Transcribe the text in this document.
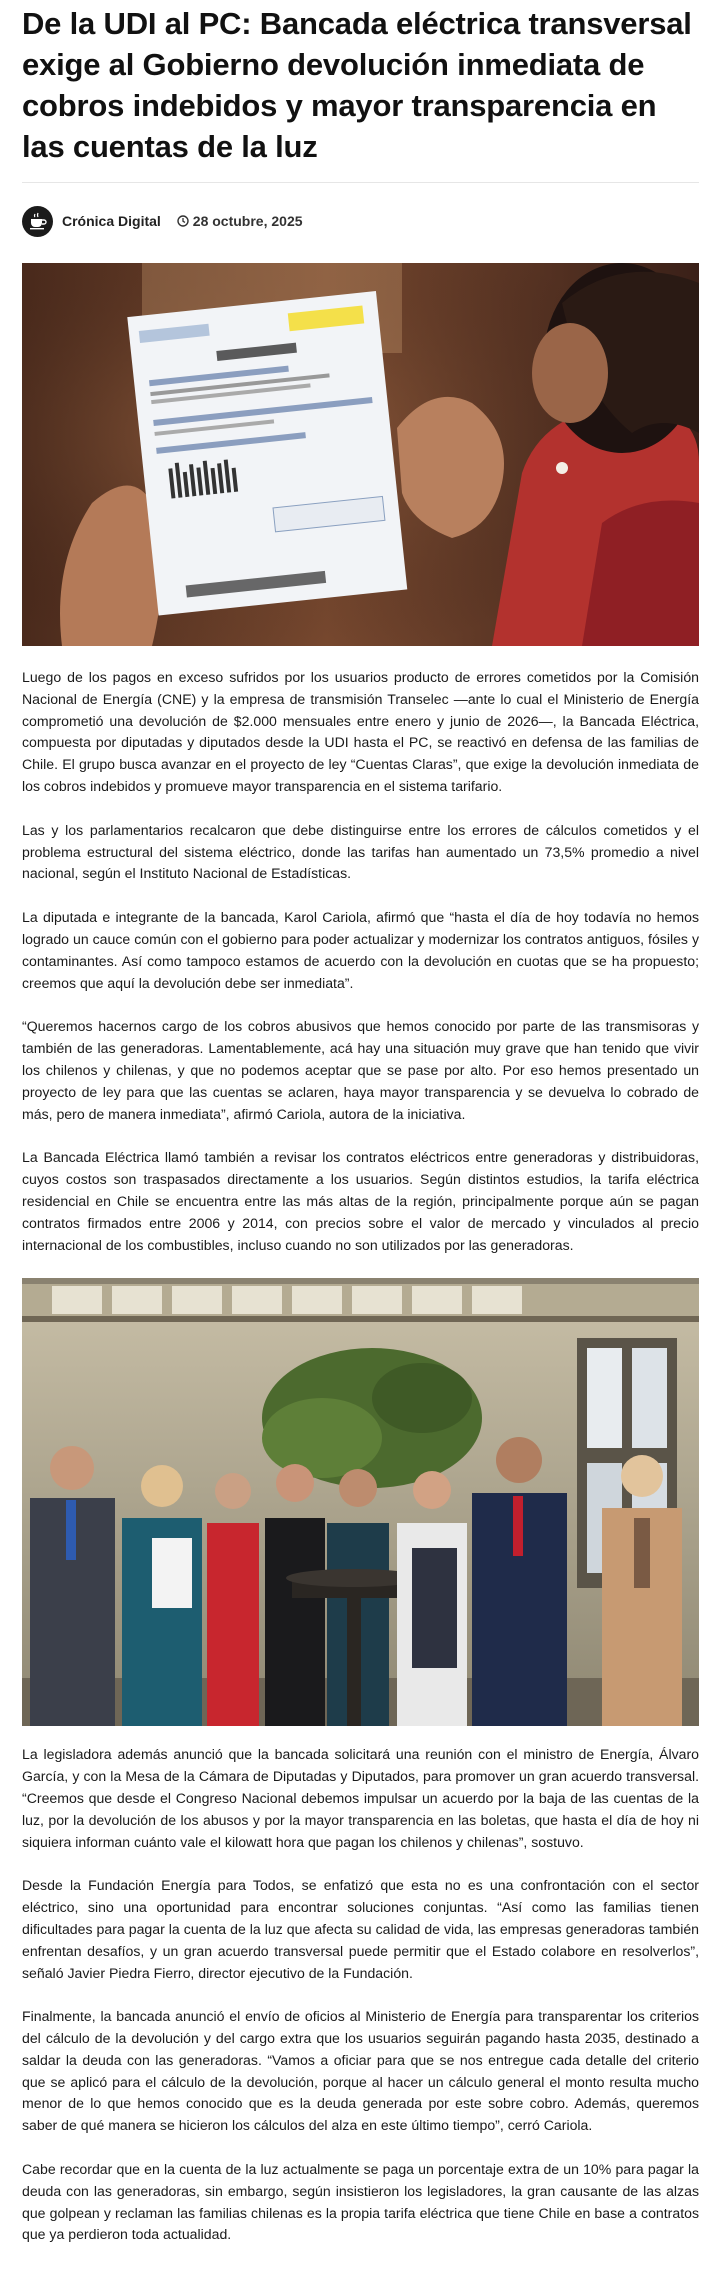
De la UDI al PC: Bancada eléctrica transversal exige al Gobierno devolución inmediata de cobros indebidos y mayor transparencia en las cuentas de la luz
Crónica Digital 28 octubre, 2025

Luego de los pagos en exceso sufridos por los usuarios producto de errores cometidos por la Comisión Nacional de Energía (CNE) y la empresa de transmisión Transelec —ante lo cual el Ministerio de Energía comprometió una devolución de $2.000 mensuales entre enero y junio de 2026—, la Bancada Eléctrica, compuesta por diputadas y diputados desde la UDI hasta el PC, se reactivó en defensa de las familias de Chile. El grupo busca avanzar en el proyecto de ley “Cuentas Claras”, que exige la devolución inmediata de los cobros indebidos y promueve mayor transparencia en el sistema tarifario.

Las y los parlamentarios recalcaron que debe distinguirse entre los errores de cálculos cometidos y el problema estructural del sistema eléctrico, donde las tarifas han aumentado un 73,5% promedio a nivel nacional, según el Instituto Nacional de Estadísticas.

La diputada e integrante de la bancada, Karol Cariola, afirmó que “hasta el día de hoy todavía no hemos logrado un cauce común con el gobierno para poder actualizar y modernizar los contratos antiguos, fósiles y contaminantes. Así como tampoco estamos de acuerdo con la devolución en cuotas que se ha propuesto; creemos que aquí la devolución debe ser inmediata”.

“Queremos hacernos cargo de los cobros abusivos que hemos conocido por parte de las transmisoras y también de las generadoras. Lamentablemente, acá hay una situación muy grave que han tenido que vivir los chilenos y chilenas, y que no podemos aceptar que se pase por alto. Por eso hemos presentado un proyecto de ley para que las cuentas se aclaren, haya mayor transparencia y se devuelva lo cobrado de más, pero de manera inmediata”, afirmó Cariola, autora de la iniciativa.

La Bancada Eléctrica llamó también a revisar los contratos eléctricos entre generadoras y distribuidoras, cuyos costos son traspasados directamente a los usuarios. Según distintos estudios, la tarifa eléctrica residencial en Chile se encuentra entre las más altas de la región, principalmente porque aún se pagan contratos firmados entre 2006 y 2014, con precios sobre el valor de mercado y vinculados al precio internacional de los combustibles, incluso cuando no son utilizados por las generadoras.

La legisladora además anunció que la bancada solicitará una reunión con el ministro de Energía, Álvaro García, y con la Mesa de la Cámara de Diputadas y Diputados, para promover un gran acuerdo transversal. “Creemos que desde el Congreso Nacional debemos impulsar un acuerdo por la baja de las cuentas de la luz, por la devolución de los abusos y por la mayor transparencia en las boletas, que hasta el día de hoy ni siquiera informan cuánto vale el kilowatt hora que pagan los chilenos y chilenas”, sostuvo.

Desde la Fundación Energía para Todos, se enfatizó que esta no es una confrontación con el sector eléctrico, sino una oportunidad para encontrar soluciones conjuntas. “Así como las familias tienen dificultades para pagar la cuenta de la luz que afecta su calidad de vida, las empresas generadoras también enfrentan desafíos, y un gran acuerdo transversal puede permitir que el Estado colabore en resolverlos”, señaló Javier Piedra Fierro, director ejecutivo de la Fundación.

Finalmente, la bancada anunció el envío de oficios al Ministerio de Energía para transparentar los criterios del cálculo de la devolución y del cargo extra que los usuarios seguirán pagando hasta 2035, destinado a saldar la deuda con las generadoras. “Vamos a oficiar para que se nos entregue cada detalle del criterio que se aplicó para el cálculo de la devolución, porque al hacer un cálculo general el monto resulta mucho menor de lo que hemos conocido que es la deuda generada por este sobre cobro. Además, queremos saber de qué manera se hicieron los cálculos del alza en este último tiempo”, cerró Cariola.

Cabe recordar que en la cuenta de la luz actualmente se paga un porcentaje extra de un 10% para pagar la deuda con las generadoras, sin embargo, según insistieron los legisladores, la gran causante de las alzas que golpean y reclaman las familias chilenas es la propia tarifa eléctrica que tiene Chile en base a contratos que ya perdieron toda actualidad.
